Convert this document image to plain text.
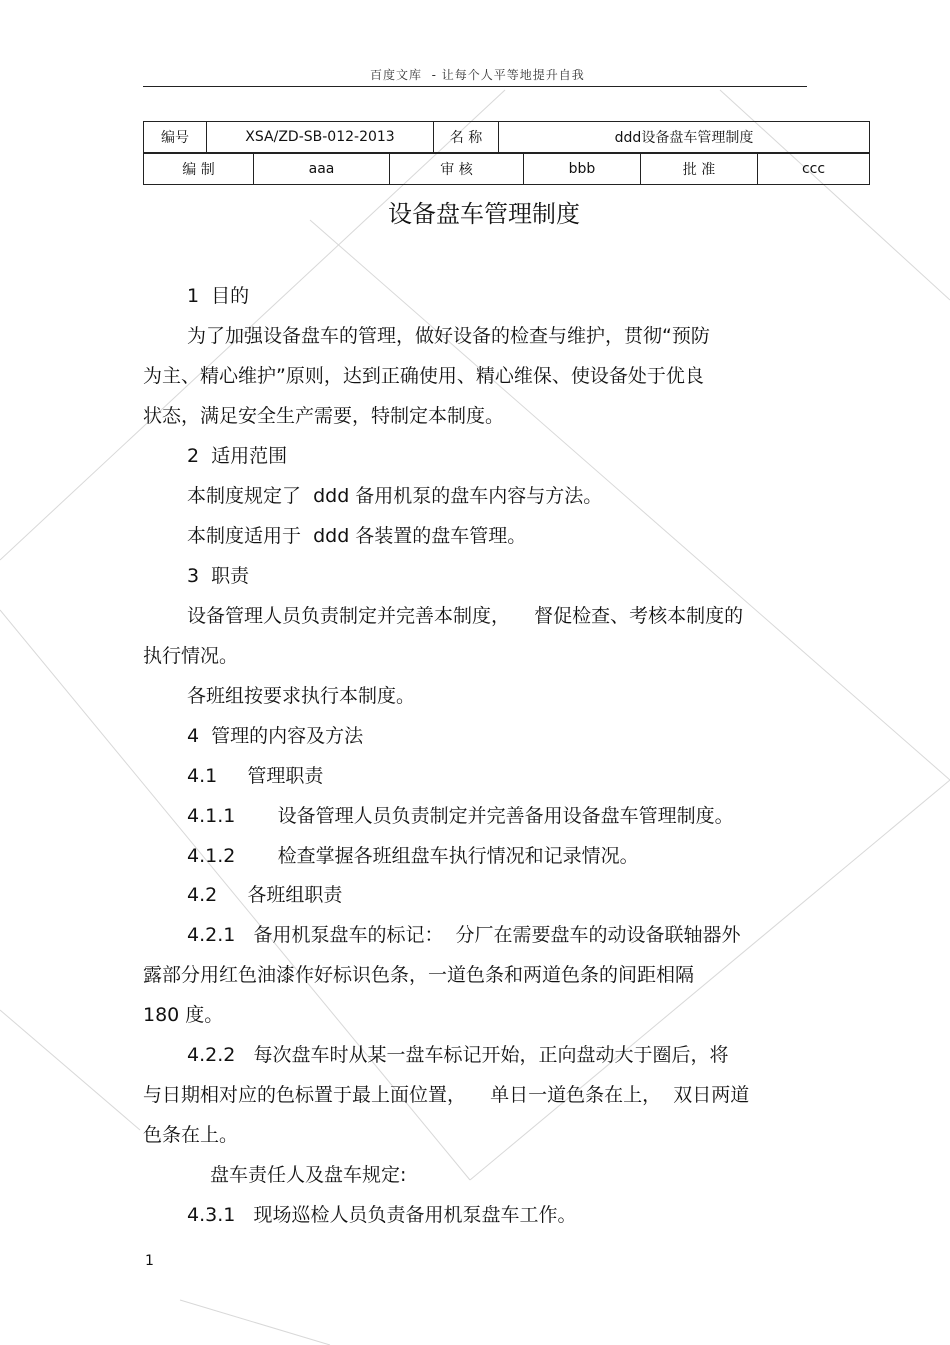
百度文库  - 让每个人平等地提升自我
编号	XSA/ZD-SB-012-2013	名 称	ddd设备盘车管理制度
编 制	aaa	审 核	bbb	批 准	ccc
设备盘车管理制度
1  目的
为了加强设备盘车的管理，做好设备的检查与维护，贯彻“预防
为主、精心维护”原则，达到正确使用、精心维保、使设备处于优良
状态，满足安全生产需要，特制定本制度。
2  适用范围
本制度规定了  ddd 备用机泵的盘车内容与方法。
本制度适用于  ddd 各装置的盘车管理。
3  职责
设备管理人员负责制定并完善本制度，    督促检查、考核本制度的
执行情况。
各班组按要求执行本制度。
4  管理的内容及方法
4.1     管理职责
4.1.1       设备管理人员负责制定并完善备用设备盘车管理制度。
4.1.2       检查掌握各班组盘车执行情况和记录情况。
4.2     各班组职责
4.2.1   备用机泵盘车的标记：  分厂在需要盘车的动设备联轴器外
露部分用红色油漆作好标识色条，一道色条和两道色条的间距相隔
180 度。
4.2.2   每次盘车时从某一盘车标记开始，正向盘动大于圈后，将
与日期相对应的色标置于最上面位置，    单日一道色条在上，  双日两道
色条在上。
盘车责任人及盘车规定:
4.3.1   现场巡检人员负责备用机泵盘车工作。
1
